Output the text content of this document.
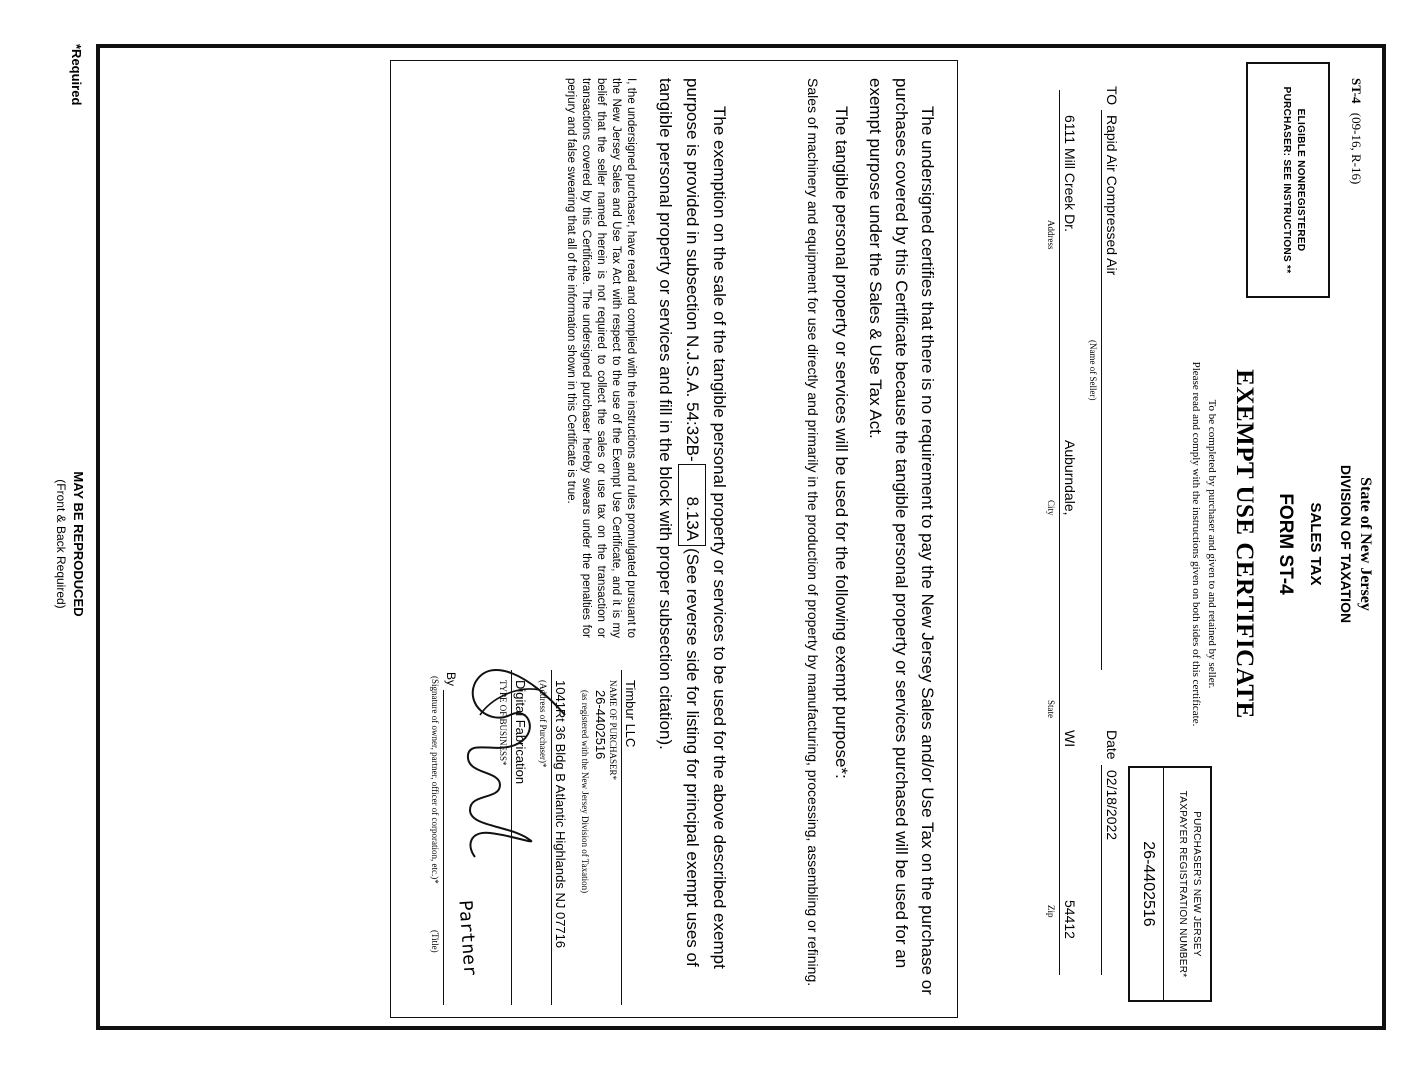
ST-4 (09-16, R-16)
ELIGIBLE NONREGISTERED
PURCHASER: SEE INSTRUCTIONS **
State of New Jersey
DIVISION OF TAXATION
SALES TAX
FORM ST-4
EXEMPT USE CERTIFICATE
To be completed by purchaser and given to and retained by seller.
Please read and comply with the instructions given on both sides of this certificate.
PURCHASER'S NEW JERSEY
TAXPAYER REGISTRATION NUMBER*
26-4402516
TO
Rapid Air Compressed Air
(Name of Seller)
Date
02/18/2022
6111 Mill Creek Dr.
Address
Auburndale,
City
WI
State
54412
Zip
The undersigned certifies that there is no requirement to pay the New Jersey Sales and/or Use Tax on the purchase or purchases covered by this Certificate because the tangible personal property or services purchased will be used for an exempt purpose under the Sales & Use Tax Act.
The tangible personal property or services will be used for the following exempt purpose*:
Sales of machinery and equipment for use directly and primarily in the production of property by manufacturing, processing, assembling or refining.
The exemption on the sale of the tangible personal property or services to be used for the above described exempt purpose is provided in subsection N.J.S.A. 54:32B-8.13A(See reverse side for listing for principal exempt uses of tangible personal property or services and fill in the block with proper subsection citation).
I, the undersigned purchaser, have read and complied with the instructions and rules promulgated pursuant to the New Jersey Sales and Use Tax Act with respect to the use of the Exempt Use Certificate, and it is my belief that the seller named herein is not required to collect the sales or use tax on the transaction or transactions covered by this Certificate. The undersigned purchaser hereby swears under the penalties for perjury and false swearing that all of the information shown in this Certificate is true.
Timbur LLC
NAME OF PURCHASER*
26-4402516
(as registered with the New Jersey Division of Taxation)
1041Rt 36 Bldg B Atlantic Highlands NJ 07716
(Address of Purchaser)*
Digital Fabrication
TYPE OF BUSINESS*
By
(Signature of owner, partner, officer of corporation, etc.)*
Partner
(Title)
MAY BE REPRODUCED
(Front & Back Required)
*Required
